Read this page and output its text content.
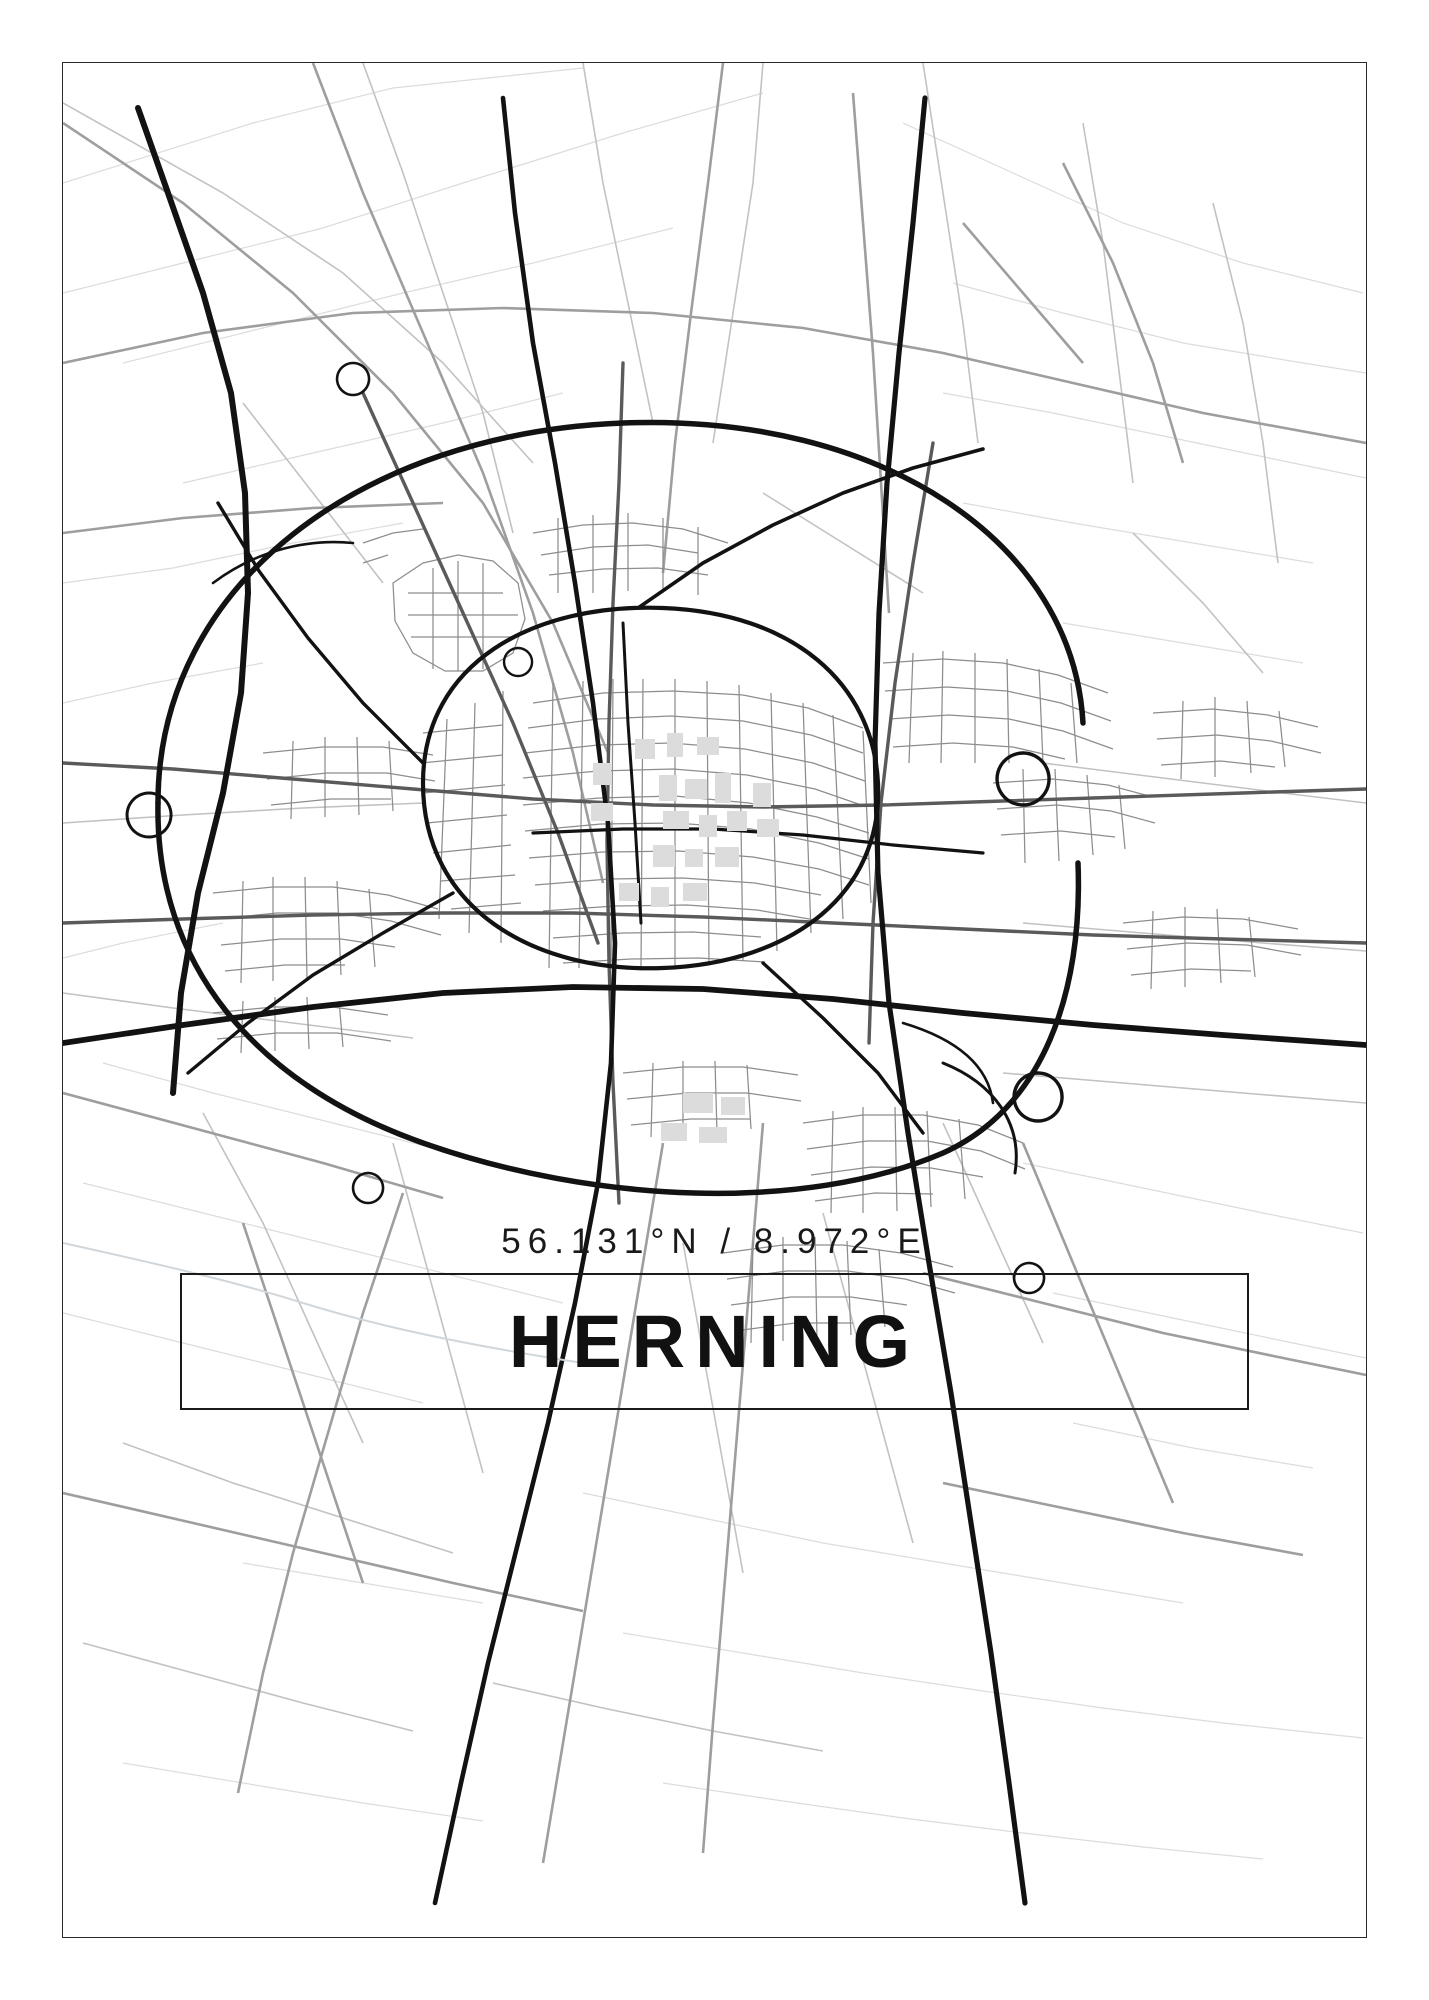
56.131°N / 8.972°E
HERNING
